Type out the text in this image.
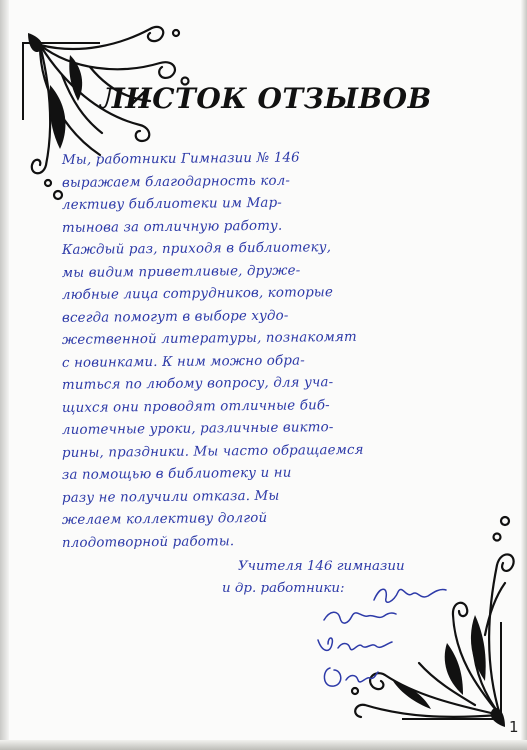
ЛИСТОК ОТЗЫВОВ
Мы, работники Гимназии № 146
выражаем благодарность кол-
лективу библиотеки им Мар-
тынова за отличную работу.
Каждый раз, приходя в библиотеку,
мы видим приветливые, друже-
любные лица сотрудников, которые
всегда помогут в выборе худо-
жественной литературы, познакомят
с новинками. К ним можно обра-
титься по любому вопросу, для уча-
щихся они проводят отличные биб-
лиотечные уроки, различные викто-
рины, праздники. Мы часто обращаемся
за помощью в библиотеку и ни
разу не получили отказа. Мы
желаем коллективу долгой
плодотворной работы.
Учителя 146 гимназии
и др. работники:
1
